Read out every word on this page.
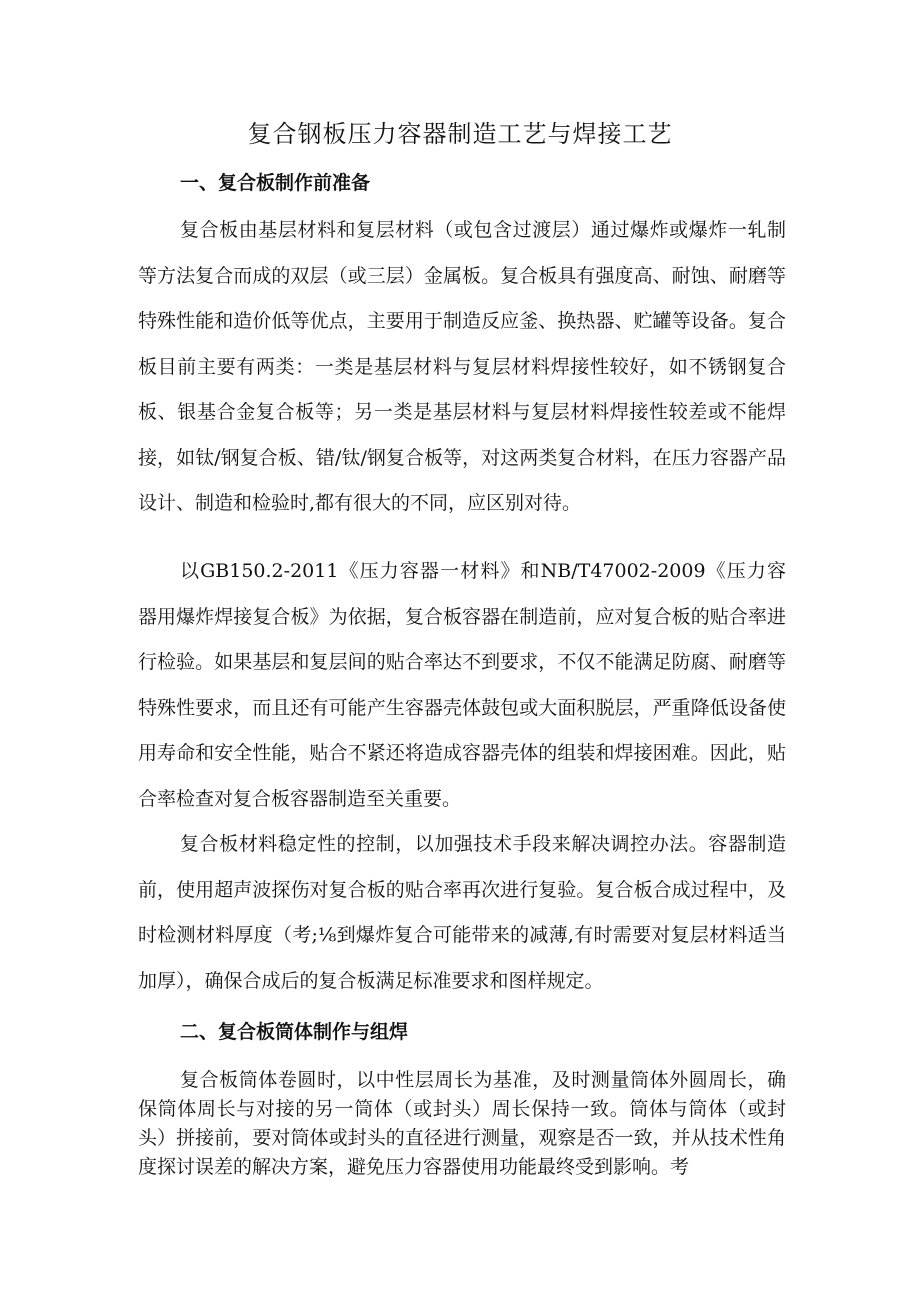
复合钢板压力容器制造工艺与焊接工艺
一、复合板制作前准备

复合板由基层材料和复层材料（或包含过渡层）通过爆炸或爆炸一轧制等方法复合而成的双层（或三层）金属板。复合板具有强度高、耐蚀、耐磨等特殊性能和造价低等优点，主要用于制造反应釜、换热器、贮罐等设备。复合板目前主要有两类：一类是基层材料与复层材料焊接性较好，如不锈钢复合板、银基合金复合板等；另一类是基层材料与复层材料焊接性较差或不能焊接，如钛/钢复合板、错/钛/钢复合板等，对这两类复合材料，在压力容器产品设计、制造和检验时,都有很大的不同，应区别对待。

以GB150.2-2011《压力容器一材料》和NB/T47002-2009《压力容器用爆炸焊接复合板》为依据，复合板容器在制造前，应对复合板的贴合率进行检验。如果基层和复层间的贴合率达不到要求，不仅不能满足防腐、耐磨等特殊性要求，而且还有可能产生容器壳体鼓包或大面积脱层，严重降低设备使用寿命和安全性能，贴合不紧还将造成容器壳体的组装和焊接困难。因此，贴合率检查对复合板容器制造至关重要。

复合板材料稳定性的控制，以加强技术手段来解决调控办法。容器制造前，使用超声波探伤对复合板的贴合率再次进行复验。复合板合成过程中，及时检测材料厚度（考;⅛到爆炸复合可能带来的减薄,有时需要对复层材料适当加厚），确保合成后的复合板满足标准要求和图样规定。

二、复合板筒体制作与组焊

复合板筒体卷圆时，以中性层周长为基准，及时测量筒体外圆周长，确保筒体周长与对接的另一筒体（或封头）周长保持一致。筒体与筒体（或封头）拼接前，要对筒体或封头的直径进行测量，观察是否一致，并从技术性角度探讨误差的解决方案，避免压力容器使用功能最终受到影响。考
